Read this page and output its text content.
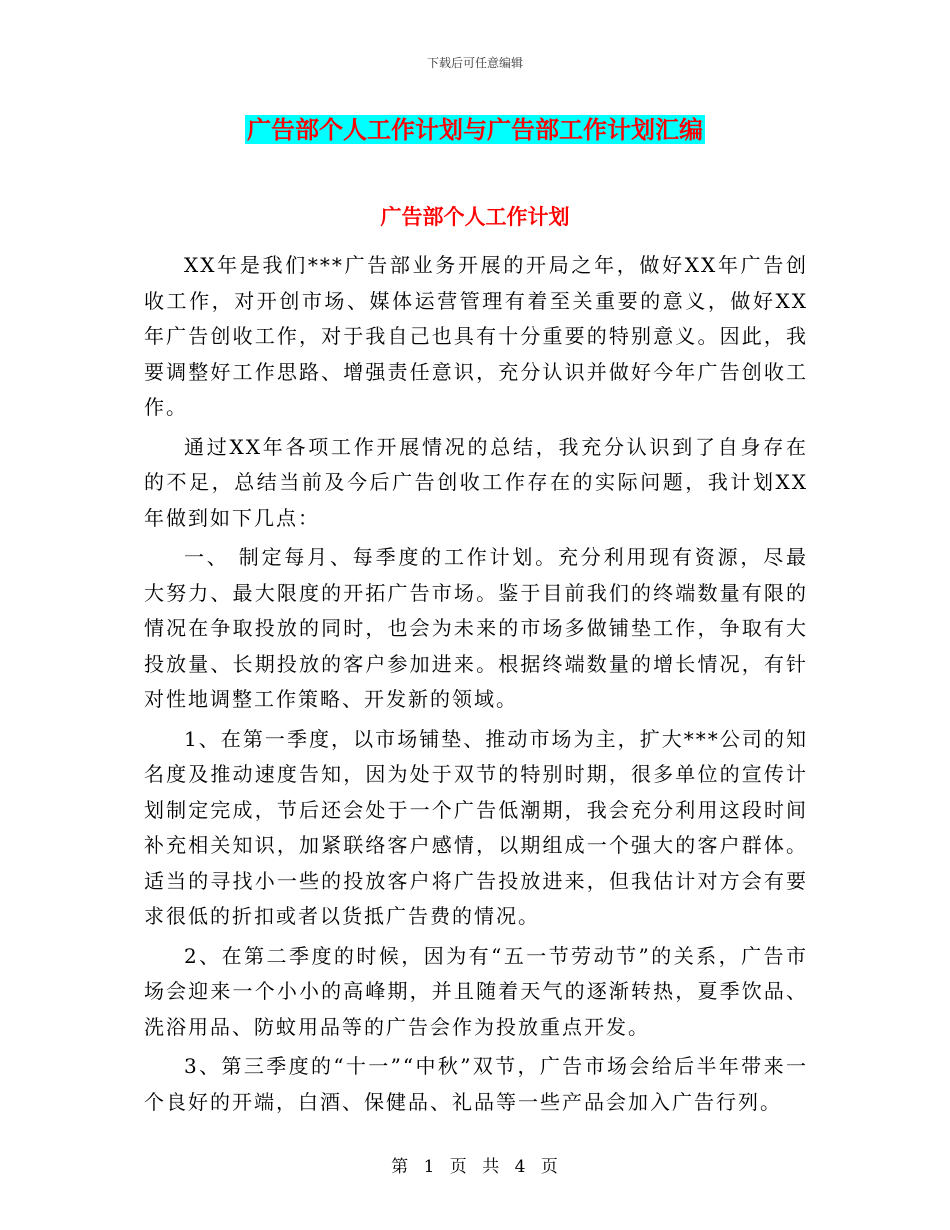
下载后可任意编辑
广告部个人工作计划与广告部工作计划汇编
广告部个人工作计划

XX年是我们***广告部业务开展的开局之年，做好XX年广告创收工作，对开创市场、媒体运营管理有着至关重要的意义，做好XX年广告创收工作，对于我自己也具有十分重要的特别意义。因此，我要调整好工作思路、增强责任意识，充分认识并做好今年广告创收工作。

通过XX年各项工作开展情况的总结，我充分认识到了自身存在的不足，总结当前及今后广告创收工作存在的实际问题，我计划XX年做到如下几点：

一、 制定每月、每季度的工作计划。充分利用现有资源，尽最大努力、最大限度的开拓广告市场。鉴于目前我们的终端数量有限的情况在争取投放的同时，也会为未来的市场多做铺垫工作，争取有大投放量、长期投放的客户参加进来。根据终端数量的增长情况，有针对性地调整工作策略、开发新的领域。

1、在第一季度，以市场铺垫、推动市场为主，扩大***公司的知名度及推动速度告知，因为处于双节的特别时期，很多单位的宣传计划制定完成，节后还会处于一个广告低潮期，我会充分利用这段时间补充相关知识，加紧联络客户感情，以期组成一个强大的客户群体。适当的寻找小一些的投放客户将广告投放进来，但我估计对方会有要求很低的折扣或者以货抵广告费的情况。

2、在第二季度的时候，因为有“五一节劳动节”的关系，广告市场会迎来一个小小的高峰期，并且随着天气的逐渐转热，夏季饮品、洗浴用品、防蚊用品等的广告会作为投放重点开发。

3、第三季度的“十一”“中秋”双节，广告市场会给后半年带来一个良好的开端，白酒、保健品、礼品等一些产品会加入广告行列。

第 1 页 共 4 页
